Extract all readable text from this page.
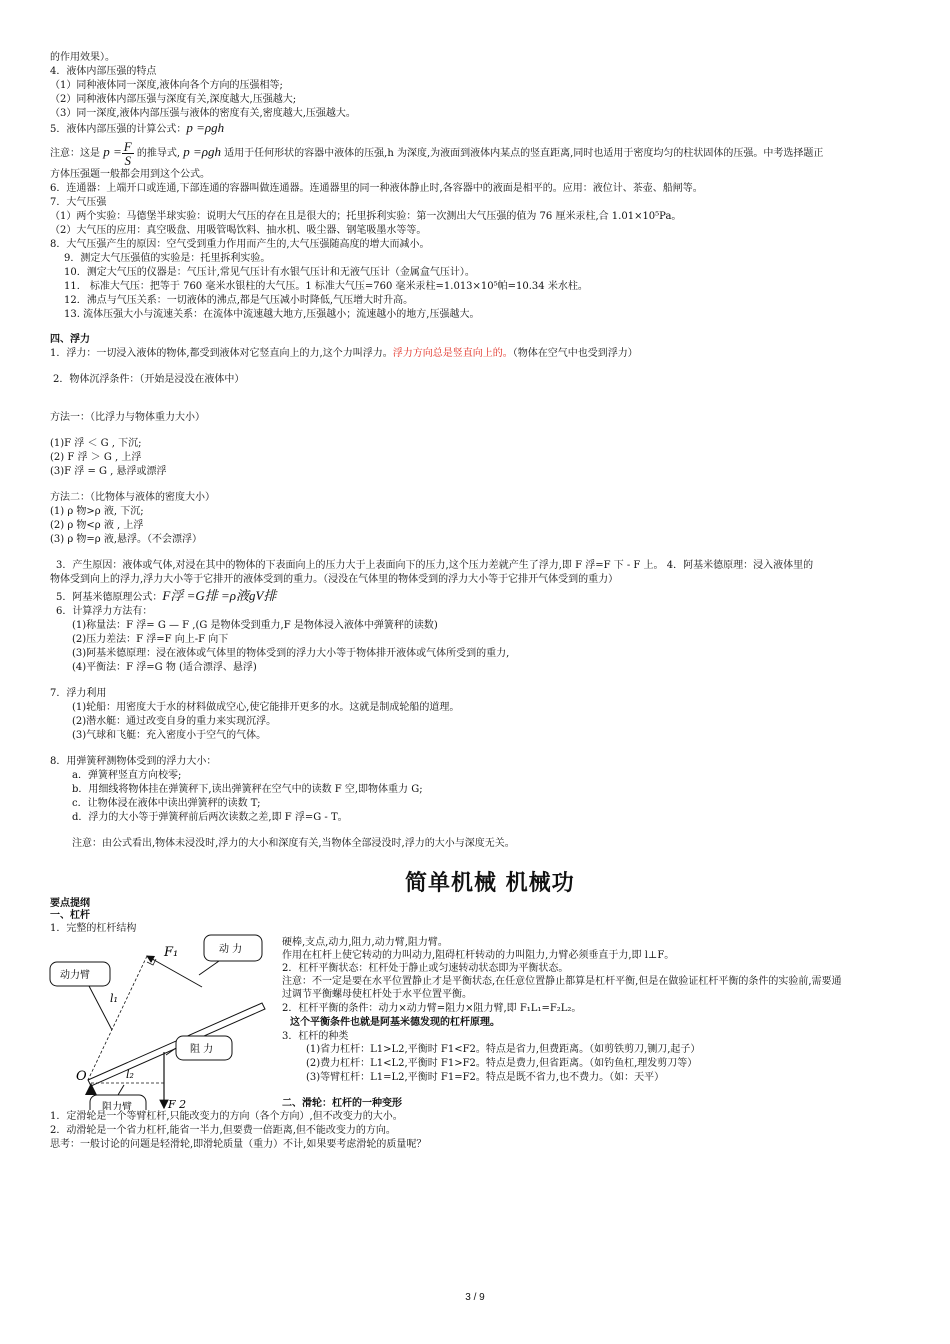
的作用效果）。
4．液体内部压强的特点
（1）同种液体同一深度,液体向各个方向的压强相等;
（2）同种液体内部压强与深度有关,深度越大,压强越大;
（3）同一深度,液体内部压强与液体的密度有关,密度越大,压强越大。
5．液体内部压强的计算公式：p =ρgh
注意：这是 $p = \frac{F}{S}$ 的推导式, p =ρgh 适用于任何形状的容器中液体的压强,h 为深度,为液面到液体内某点的竖直距离,同时也适用于密度均匀的柱状固体的压强。中考选择题正
方体压强题一般都会用到这个公式。
6．连通器：上端开口或连通,下部连通的容器叫做连通器。连通器里的同一种液体静止时,各容器中的液面是相平的。应用：液位计、茶壶、船闸等。
7．大气压强
（1）两个实验：马德堡半球实验：说明大气压的存在且是很大的；托里拆利实验：第一次测出大气压强的值为 76 厘米汞柱,合 1.01×10⁵Pa。
（2）大气压的应用：真空吸盘、用吸管喝饮料、抽水机、吸尘器、钢笔吸墨水等等。
8．大气压强产生的原因：空气受到重力作用而产生的,大气压强随高度的增大而减小。
9．测定大气压强值的实验是：托里拆利实验。
10．测定大气压的仪器是：气压计,常见气压计有水银气压计和无液气压计（金属盒气压计）。
11． 标准大气压：把等于 760 毫米水银柱的大气压。1 标准大气压=760 毫米汞柱=1.013×10⁵帕=10.34 米水柱。
12．沸点与气压关系：一切液体的沸点,都是气压减小时降低,气压增大时升高。
13. 流体压强大小与流速关系：在流体中流速越大地方,压强越小；流速越小的地方,压强越大。
四、浮力
1．浮力：一切浸入液体的物体,都受到液体对它竖直向上的力,这个力叫浮力。浮力方向总是竖直向上的。（物体在空气中也受到浮力）
2．物体沉浮条件：（开始是浸没在液体中）
方法一：（比浮力与物体重力大小）
(1)F 浮 ＜ G , 下沉;
(2) F 浮 ＞ G , 上浮
(3)F 浮 = G , 悬浮或漂浮
方法二：（比物体与液体的密度大小）
(1) ρ 物>ρ 液, 下沉;
(2) ρ 物<ρ 液 , 上浮
(3) ρ 物=ρ 液,悬浮。（不会漂浮）
3．产生原因：液体或气体,对浸在其中的物体的下表面向上的压力大于上表面向下的压力,这个压力差就产生了浮力,即 F 浮=F 下 - F 上。 4．阿基米德原理：浸入液体里的
物体受到向上的浮力,浮力大小等于它排开的液体受到的重力。（浸没在气体里的物体受到的浮力大小等于它排开气体受到的重力）
5．阿基米德原理公式：F浮 =G排 =ρ液gV排
6．计算浮力方法有：
(1)称量法：F 浮= G — F ,(G 是物体受到重力,F 是物体浸入液体中弹簧秤的读数)
(2)压力差法：F 浮=F 向上-F 向下
(3)阿基米德原理：浸在液体或气体里的物体受到的浮力大小等于物体排开液体或气体所受到的重力,
(4)平衡法：F 浮=G 物 (适合漂浮、悬浮)
7．浮力利用
(1)轮船：用密度大于水的材料做成空心,使它能排开更多的水。这就是制成轮船的道理。
(2)潜水艇：通过改变自身的重力来实现沉浮。
(3)气球和飞艇：充入密度小于空气的气体。
8．用弹簧秤测物体受到的浮力大小：
a．弹簧秤竖直方向校零;
b．用细线将物体挂在弹簧秤下,读出弹簧秤在空气中的读数 F 空,即物体重力 G;
c．让物体浸在液体中读出弹簧秤的读数 T;
d．浮力的大小等于弹簧秤前后两次读数之差,即 F 浮=G - T。
注意：由公式看出,物体未浸没时,浮力的大小和深度有关,当物体全部浸没时,浮力的大小与深度无关。
简单机械 机械功
要点提纲
一、杠杆
1．完整的杠杆结构
动 力
动力臂
阻 力
阻力臂
F₁
F 2
l₁
l₂
O
硬棒,支点,动力,阻力,动力臂,阻力臂。
作用在杠杆上使它转动的力叫动力,阻碍杠杆转动的力叫阻力,力臂必须垂直于力,即 l⊥F。
2．杠杆平衡状态：杠杆处于静止或匀速转动状态即为平衡状态。
注意：不一定是要在水平位置静止才是平衡状态,在任意位置静止都算是杠杆平衡,但是在做验证杠杆平衡的条件的实验前,需要通
过调节平衡螺母使杠杆处于水平位置平衡。
2．杠杆平衡的条件：动力×动力臂=阻力×阻力臂,即 F₁L₁=F₂L₂。
这个平衡条件也就是阿基米德发现的杠杆原理。
3．杠杆的种类
(1)省力杠杆：L1>L2,平衡时 F1<F2。特点是省力,但费距离。（如剪铁剪刀,铡刀,起子）
(2)费力杠杆：L1<L2,平衡时 F1>F2。特点是费力,但省距离。（如钓鱼杠,理发剪刀等）
(3)等臂杠杆：L1=L2,平衡时 F1=F2。特点是既不省力,也不费力。（如：天平）
二、滑轮：杠杆的一种变形
1．定滑轮是一个等臂杠杆,只能改变力的方向（各个方向）,但不改变力的大小。
2．动滑轮是一个省力杠杆,能省一半力,但要费一倍距离,但不能改变力的方向。
思考：一般讨论的问题是轻滑轮,即滑轮质量（重力）不计,如果要考虑滑轮的质量呢？
3 / 9
